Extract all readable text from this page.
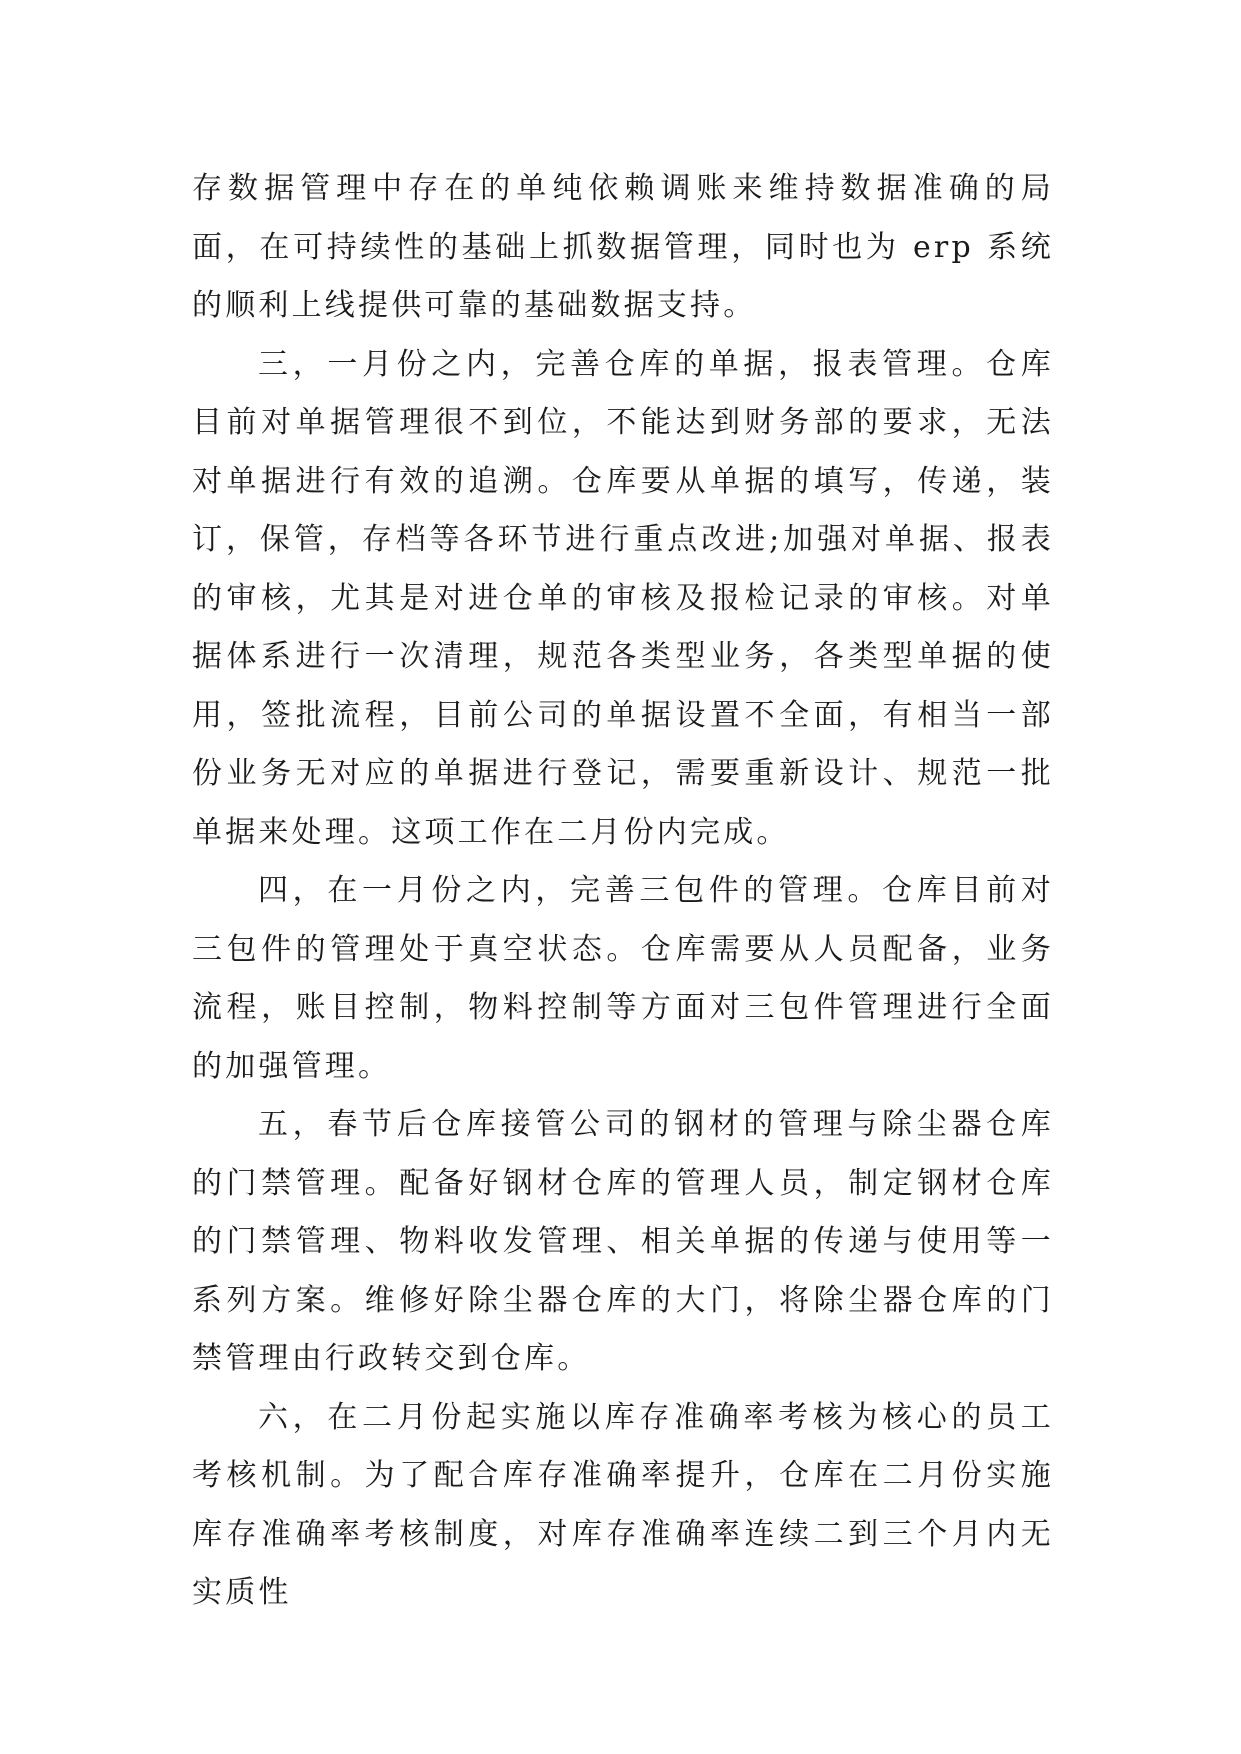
存数据管理中存在的单纯依赖调账来维持数据准确的局面，在可持续性的基础上抓数据管理，同时也为 erp 系统的顺利上线提供可靠的基础数据支持。

三，一月份之内，完善仓库的单据，报表管理。仓库目前对单据管理很不到位，不能达到财务部的要求，无法对单据进行有效的追溯。仓库要从单据的填写，传递，装订，保管，存档等各环节进行重点改进;加强对单据、报表的审核，尤其是对进仓单的审核及报检记录的审核。对单据体系进行一次清理，规范各类型业务，各类型单据的使用，签批流程，目前公司的单据设置不全面，有相当一部份业务无对应的单据进行登记，需要重新设计、规范一批单据来处理。这项工作在二月份内完成。

四，在一月份之内，完善三包件的管理。仓库目前对三包件的管理处于真空状态。仓库需要从人员配备，业务流程，账目控制，物料控制等方面对三包件管理进行全面的加强管理。

五，春节后仓库接管公司的钢材的管理与除尘器仓库的门禁管理。配备好钢材仓库的管理人员，制定钢材仓库的门禁管理、物料收发管理、相关单据的传递与使用等一系列方案。维修好除尘器仓库的大门，将除尘器仓库的门禁管理由行政转交到仓库。

六，在二月份起实施以库存准确率考核为核心的员工考核机制。为了配合库存准确率提升，仓库在二月份实施库存准确率考核制度，对库存准确率连续二到三个月内无实质性
